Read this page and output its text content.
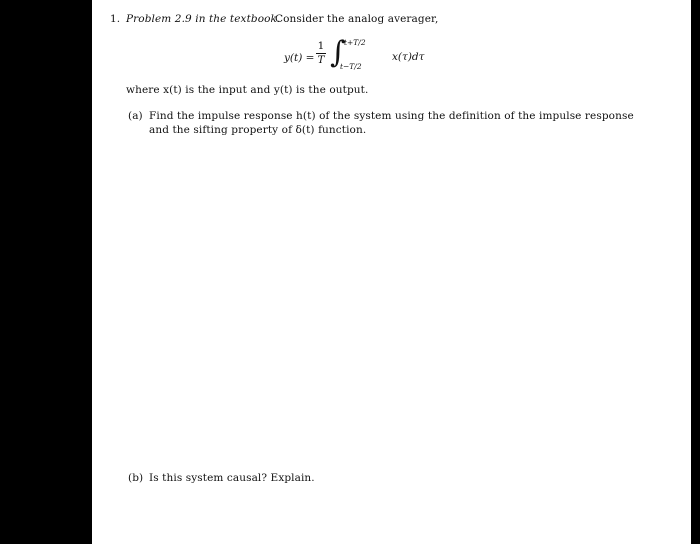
1. Problem 2.9 in the textbook.
Consider the analog averager,
y(t) =
1
T ∫
t+T/2
t−T/2
x(τ)dτ
where x(t) is the input and y(t) is the output.
(a) Find the impulse response h(t) of the system using the definition of the impulse response
and the sifting property of δ(t) function.
(b) Is this system causal? Explain.
